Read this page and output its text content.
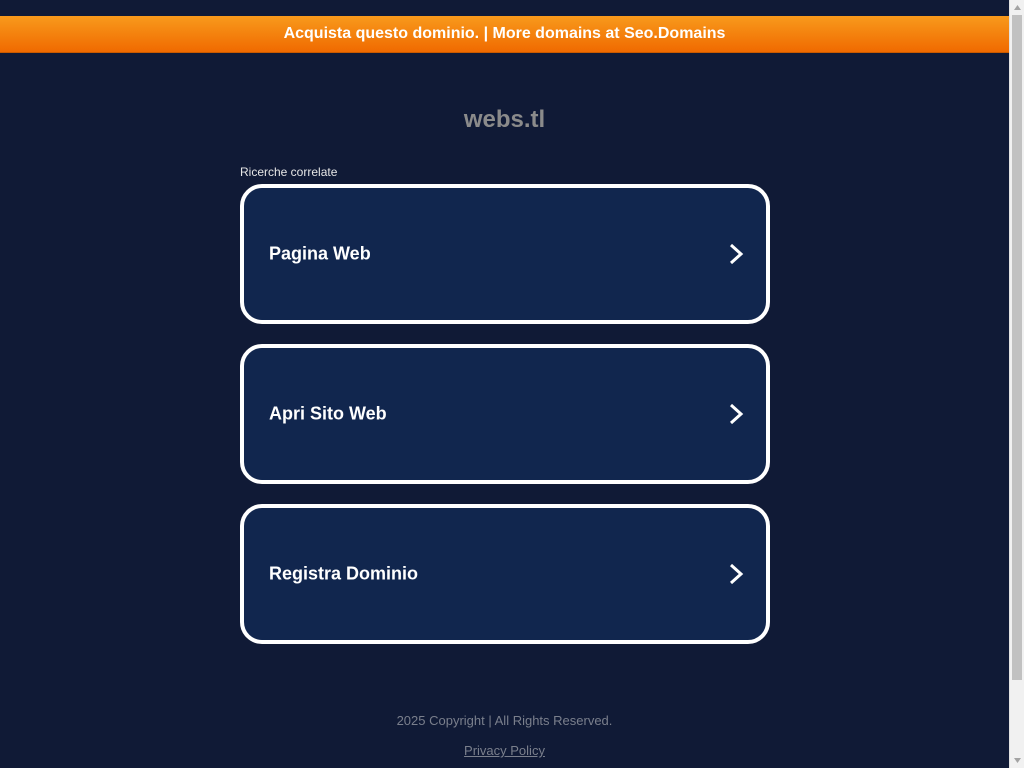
Acquista questo dominio. | More domains at Seo.Domains
webs.tl
Ricerche correlate
Pagina Web
Apri Sito Web
Registra Dominio
2025 Copyright | All Rights Reserved.
Privacy Policy
